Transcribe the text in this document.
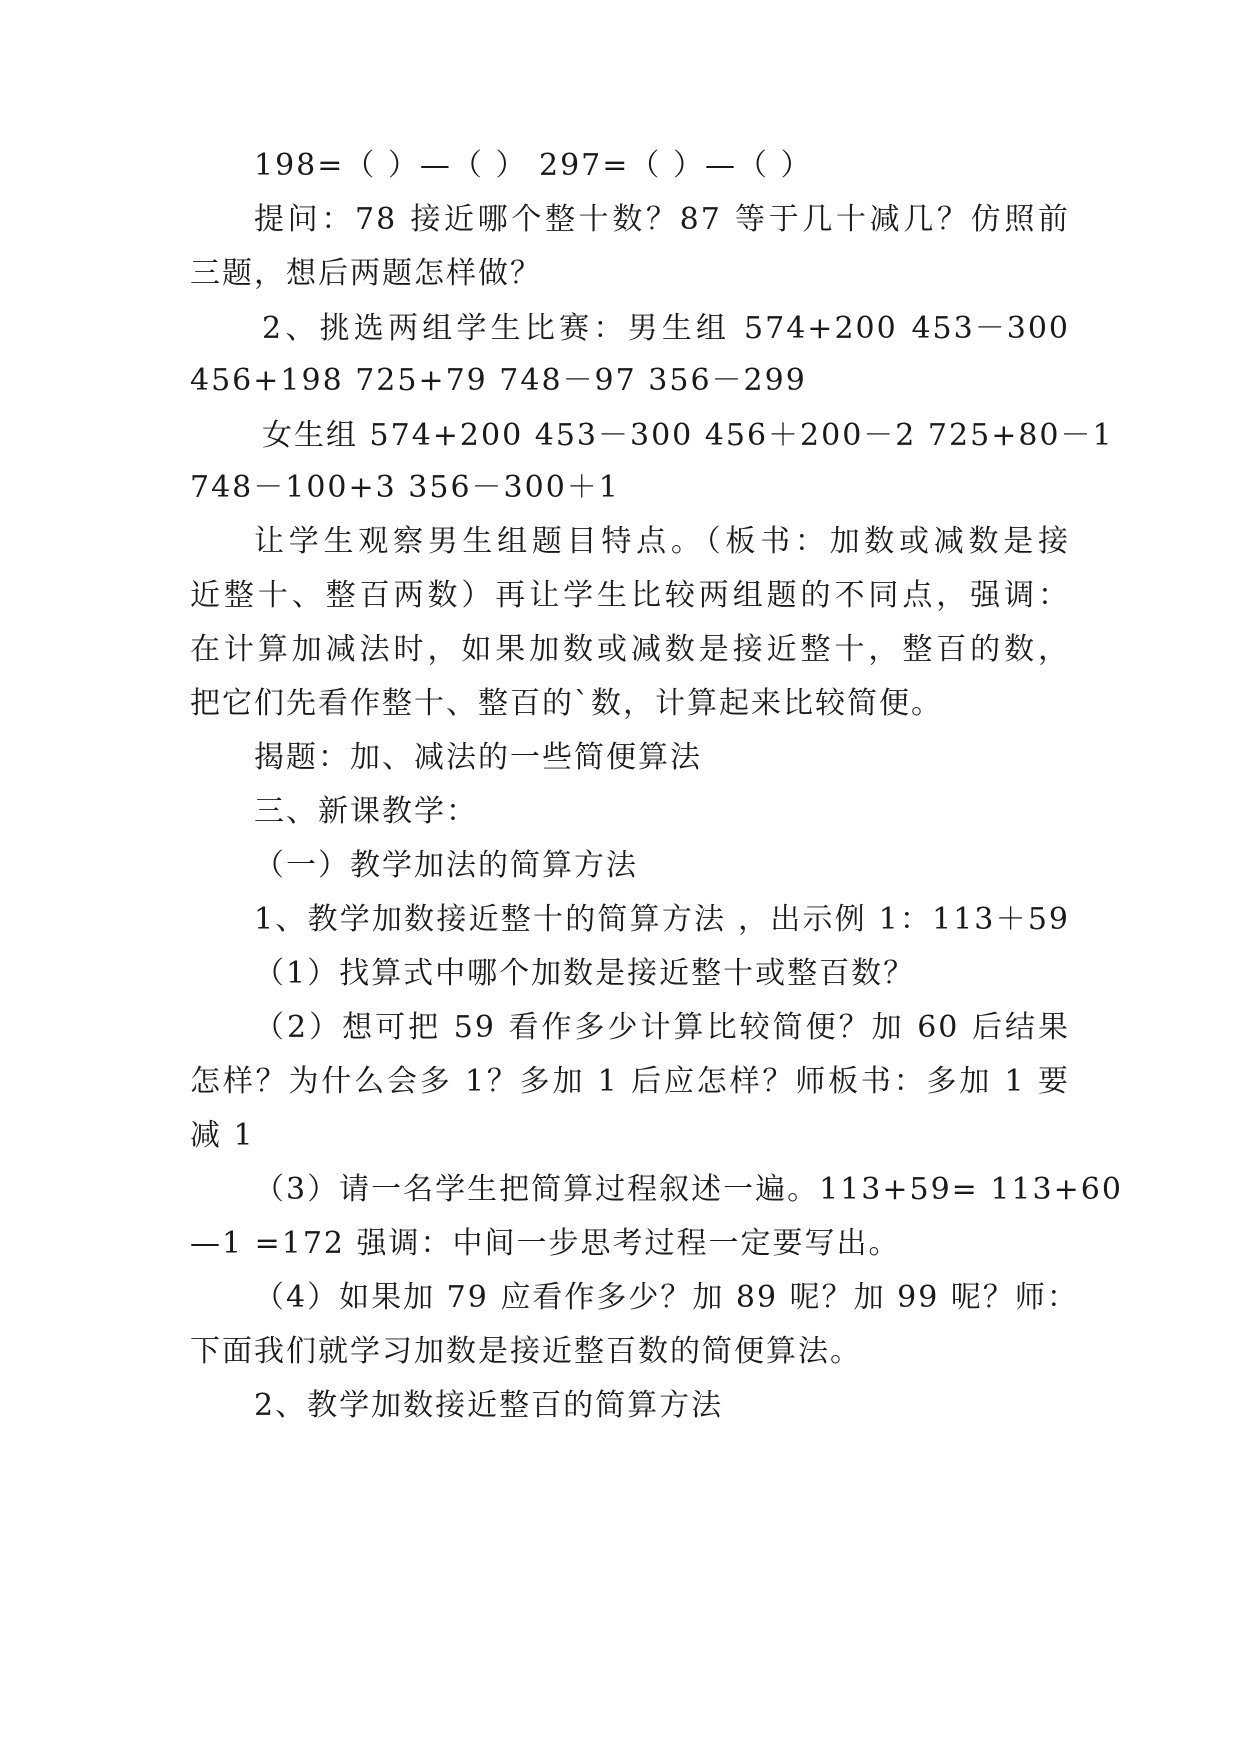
198=（ ）—（ ） 297=（ ）—（ ）
提问：78 接近哪个整十数？87 等于几十减几？仿照前
三题，想后两题怎样做？
2、挑选两组学生比赛：男生组 574+200 453－300
456+198 725+79 748－97 356－299
女生组 574+200 453－300 456＋200－2 725+80－1
748－100+3 356－300＋1
让学生观察男生组题目特点。（板书：加数或减数是接
近整十、整百两数）再让学生比较两组题的不同点，强调：
在计算加减法时，如果加数或减数是接近整十，整百的数，
把它们先看作整十、整百的`数，计算起来比较简便。
揭题：加、减法的一些简便算法
三、新课教学：
（一）教学加法的简算方法
1、教学加数接近整十的简算方法 ，出示例 1：113＋59
（1）找算式中哪个加数是接近整十或整百数？
（2）想可把 59 看作多少计算比较简便？加 60 后结果
怎样？为什么会多 1？多加 1 后应怎样？师板书：多加 1 要
减 1
（3）请一名学生把简算过程叙述一遍。113+59= 113+60
—1 =172 强调：中间一步思考过程一定要写出。
（4）如果加 79 应看作多少？加 89 呢？加 99 呢？师：
下面我们就学习加数是接近整百数的简便算法。
2、教学加数接近整百的简算方法
